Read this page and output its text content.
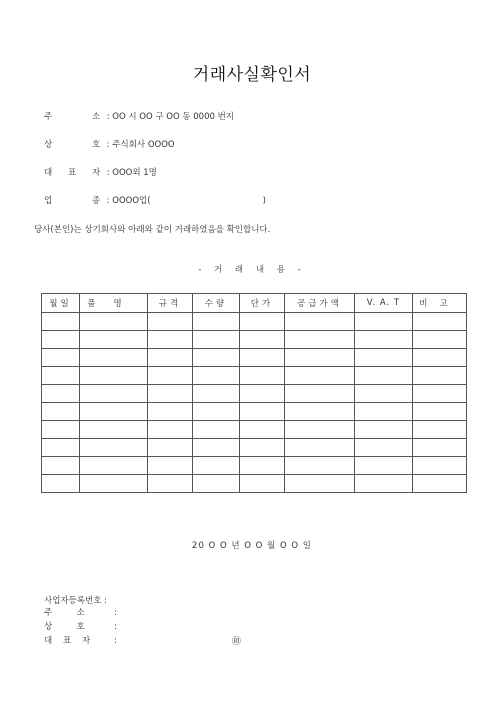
거래사실확인서
주	소 : OO 시 OO 구 OO 동 0000 번지
상	호 : 주식회사 OOOO
대 표 자 : OOO외 1명
업	종 : OOOO업(	)
당사(본인)는 상기회사와 아래와 같이 거래하였음을 확인합니다.
- 거 래 내 용 -
월일	품명	규격	수량	단가	공급가액	V. A. T	비고

20 O O 년 O O 월 O O 일
사업자등록번호 :
주         소	:
상         호	:
대    표    자	:	㊞
